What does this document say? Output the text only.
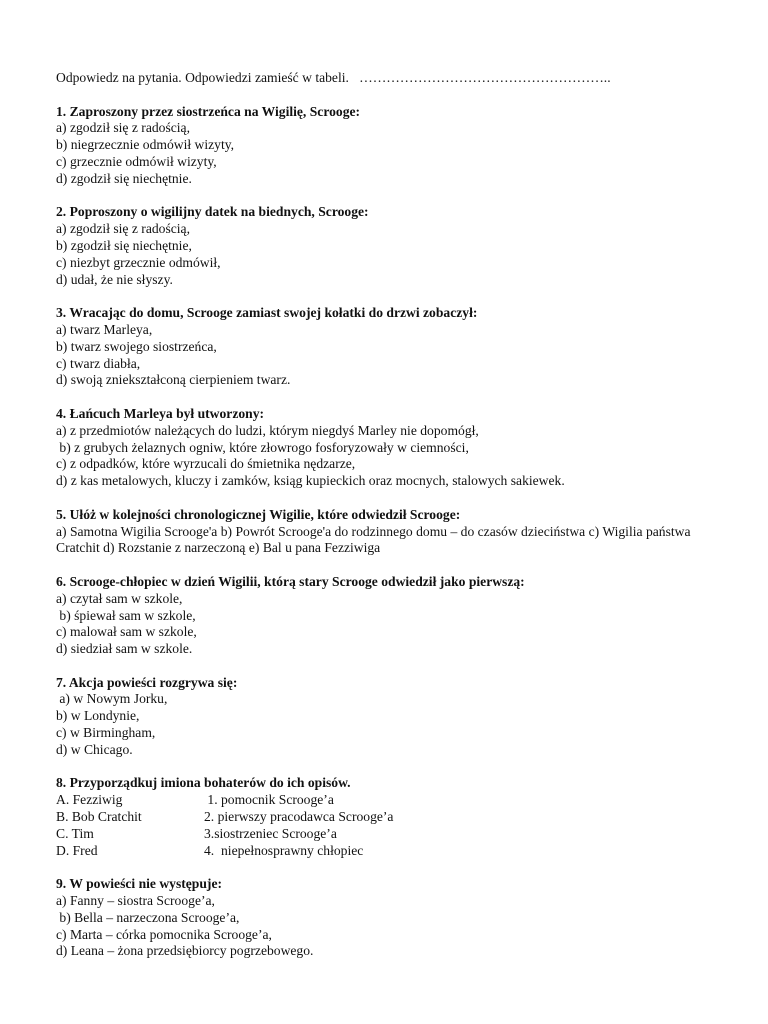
Odpowiedz na pytania. Odpowiedzi zamieść w tabeli.   ………………………………………………..
1. Zaproszony przez siostrzeńca na Wigilię, Scrooge:
a) zgodził się z radością,
b) niegrzecznie odmówił wizyty,
c) grzecznie odmówił wizyty,
d) zgodził się niechętnie.
2. Poproszony o wigilijny datek na biednych, Scrooge:
a) zgodził się z radością,
b) zgodził się niechętnie,
c) niezbyt grzecznie odmówił,
d) udał, że nie słyszy.
3. Wracając do domu, Scrooge zamiast swojej kołatki do drzwi zobaczył:
a) twarz Marleya,
b) twarz swojego siostrzeńca,
c) twarz diabła,
d) swoją zniekształconą cierpieniem twarz.
4. Łańcuch Marleya był utworzony:
a) z przedmiotów należących do ludzi, którym niegdyś Marley nie dopomógł,
b) z grubych żelaznych ogniw, które złowrogo fosforyzowały w ciemności,
c) z odpadków, które wyrzucali do śmietnika nędzarze,
d) z kas metalowych, kluczy i zamków, ksiąg kupieckich oraz mocnych, stalowych sakiewek.
5. Ułóż w kolejności chronologicznej Wigilie, które odwiedził Scrooge:
a) Samotna Wigilia Scrooge'a b) Powrót Scrooge'a do rodzinnego domu – do czasów dzieciństwa c) Wigilia państwa Cratchit d) Rozstanie z narzeczoną e) Bal u pana Fezziwiga
6. Scrooge-chłopiec w dzień Wigilii, którą stary Scrooge odwiedził jako pierwszą:
a) czytał sam w szkole,
b) śpiewał sam w szkole,
c) malował sam w szkole,
d) siedział sam w szkole.
7. Akcja powieści rozgrywa się:
a) w Nowym Jorku,
b) w Londynie,
c) w Birmingham,
d) w Chicago.
8. Przyporządkuj imiona bohaterów do ich opisów.
A. Fezziwig	1. pomocnik Scrooge’a
B. Bob Cratchit	2. pierwszy pracodawca Scrooge’a
C. Tim	3.siostrzeniec Scrooge’a
D. Fred	4.  niepełnosprawny chłopiec
9. W powieści nie występuje:
a) Fanny – siostra Scrooge’a,
b) Bella – narzeczona Scrooge’a,
c) Marta – córka pomocnika Scrooge’a,
d) Leana – żona przedsiębiorcy pogrzebowego.
